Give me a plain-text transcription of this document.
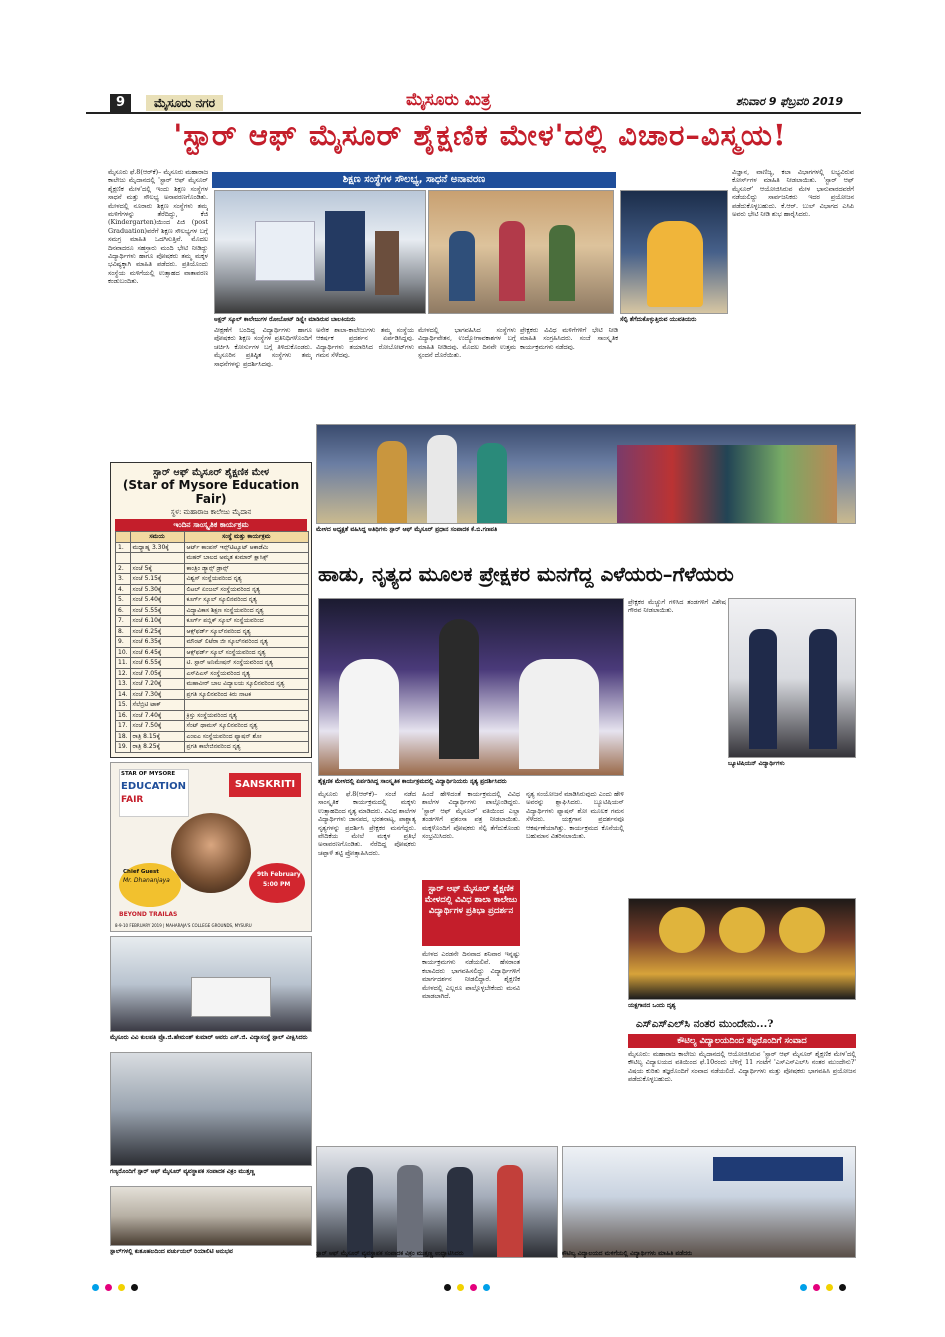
9	ಮೈಸೂರು ನಗರ	ಮೈಸೂರು ಮಿತ್ರ	ಶನಿವಾರ 9 ಫೆಬ್ರವರಿ 2019
'ಸ್ಟಾರ್ ಆಫ್ ಮೈಸೂರ್ ಶೈಕ್ಷಣಿಕ ಮೇಳ'ದಲ್ಲಿ ವಿಚಾರ–ವಿಸ್ಮಯ!
ಮೈಸೂರು ಫೆ.8(ಆರ್‌ಕೆ)– ಮೈಸೂರು ಮಹಾರಾಜ ಕಾಲೇಜು ಮೈದಾನದಲ್ಲಿ 'ಸ್ಟಾರ್ ಆಫ್ ಮೈಸೂರ್ ಶೈಕ್ಷಣಿಕ ಮೇಳ'ದಲ್ಲಿ ಇಂದು ಶಿಕ್ಷಣ ಸಂಸ್ಥೆಗಳ ಸಾಧನೆ ಮತ್ತು ಸೌಲಭ್ಯ ಅನಾವರಣಗೊಂಡಿತು. ಮೇಳದಲ್ಲಿ ನೂರಾರು ಶಿಕ್ಷಣ ಸಂಸ್ಥೆಗಳು ತಮ್ಮ ಮಳಿಗೆಗಳನ್ನು ತೆರೆದಿದ್ದು, ಕೆಜಿ (Kindergarten)ಯಿಂದ ಪಿಜಿ (post Graduation)ವರೆಗೆ ಶಿಕ್ಷಣ ಸೌಲಭ್ಯಗಳ ಬಗ್ಗೆ ಸಮಗ್ರ ಮಾಹಿತಿ ಒದಗಿಸುತ್ತಿವೆ. ಮೊದಲ ದಿನವಾದರೂ ಸಹಸ್ರಾರು ಮಂದಿ ಭೇಟಿ ನೀಡಿದ್ದು ವಿದ್ಯಾರ್ಥಿಗಳು ಹಾಗೂ ಪೋಷಕರು ತಮ್ಮ ಮಕ್ಕಳ ಭವಿಷ್ಯಕ್ಕಾಗಿ ಮಾಹಿತಿ ಪಡೆದರು. ಪ್ರತಿಯೊಂದು ಸಂಸ್ಥೆಯ ಮಳಿಗೆಯಲ್ಲಿ ಉತ್ಸಾಹದ ವಾತಾವರಣ ಕಂಡುಬಂದಿತು.
ಶಿಕ್ಷಣ ಸಂಸ್ಥೆಗಳ ಸೌಲಭ್ಯ, ಸಾಧನೆ ಅನಾವರಣ
ಅಕ್ಷರ್ ಸ್ಕೂಲ್ ಕಾಲೇಜುಗಳ ರೋಬೋಟ್ ಡಿಸ್ಪ್ಲೇ ಮಾಡಿರುವ ಬಾಲಕಿಯರು	ಸೆಲ್ಫಿ ತೆಗೆದುಕೊಳ್ಳುತ್ತಿರುವ ಯುವತಿಯರು
ವೀಕ್ಷಣೆಗೆ ಬಂದಿದ್ದ ವಿದ್ಯಾರ್ಥಿಗಳು ಹಾಗೂ ಪೋಷಕರು ಶಿಕ್ಷಣ ಸಂಸ್ಥೆಗಳ ಪ್ರತಿನಿಧಿಗಳೊಂದಿಗೆ ಚರ್ಚಿಸಿ ಕೋರ್ಸುಗಳ ಬಗ್ಗೆ ತಿಳಿದುಕೊಂಡರು. ಮೈಸೂರಿನ ಪ್ರತಿಷ್ಠಿತ ಸಂಸ್ಥೆಗಳು ತಮ್ಮ ಸಾಧನೆಗಳನ್ನು ಪ್ರದರ್ಶಿಸಿದವು.
ಅನೇಕ ಶಾಲಾ-ಕಾಲೇಜುಗಳು ತಮ್ಮ ಸಂಸ್ಥೆಯ ಆಕರ್ಷಕ ಪ್ರದರ್ಶನ ಏರ್ಪಡಿಸಿದ್ದವು. ವಿದ್ಯಾರ್ಥಿಗಳು ತಯಾರಿಸಿದ ರೋಬೋಟ್‌ಗಳು ಗಮನ ಸೆಳೆದವು.
ಮೇಳದಲ್ಲಿ ಭಾಗವಹಿಸಿದ ಸಂಸ್ಥೆಗಳು ವಿದ್ಯಾರ್ಥಿವೇತನ, ಉದ್ಯೋಗಾವಕಾಶಗಳ ಬಗ್ಗೆ ಮಾಹಿತಿ ನೀಡಿದವು. ಮೊದಲ ದಿನವೇ ಉತ್ತಮ ಸ್ಪಂದನೆ ದೊರೆಯಿತು.
ಪ್ರೇಕ್ಷಕರು ವಿವಿಧ ಮಳಿಗೆಗಳಿಗೆ ಭೇಟಿ ನೀಡಿ ಮಾಹಿತಿ ಸಂಗ್ರಹಿಸಿದರು. ಸಂಜೆ ಸಾಂಸ್ಕೃತಿಕ ಕಾರ್ಯಕ್ರಮಗಳು ನಡೆದವು.
ವಿಜ್ಞಾನ, ವಾಣಿಜ್ಯ, ಕಲಾ ವಿಭಾಗಗಳಲ್ಲಿ ಲಭ್ಯವಿರುವ ಕೋರ್ಸ್‌ಗಳ ಮಾಹಿತಿ ನೀಡಲಾಯಿತು. 'ಸ್ಟಾರ್ ಆಫ್ ಮೈಸೂರ್' ಆಯೋಜಿಸಿರುವ ಮೇಳ ಭಾನುವಾರದವರೆಗೆ ನಡೆಯಲಿದ್ದು ಸಾರ್ವಜನಿಕರು ಇದರ ಪ್ರಯೋಜನ ಪಡೆದುಕೊಳ್ಳಬಹುದು. ಕೆ.ಆರ್. ಬುಲ್ ವಿಭಾಗದ ಎಸಿಪಿ ಅವರು ಭೇಟಿ ನೀಡಿ ಶುಭ ಹಾರೈಸಿದರು.
ಸ್ಟಾರ್ ಆಫ್ ಮೈಸೂರ್ ಶೈಕ್ಷಣಿಕ ಮೇಳ
(Star of Mysore Education Fair)
ಸ್ಥಳ: ಮಹಾರಾಜ ಕಾಲೇಜು ಮೈದಾನ
ಇಂದಿನ ಸಾಂಸ್ಕೃತಿಕ ಕಾರ್ಯಕ್ರಮ
	ಸಮಯ	ಸಂಸ್ಥೆ ಮತ್ತು ಕಾರ್ಯಕ್ರಮ
1.	ಮಧ್ಯಾಹ್ನ 3.30ಕ್ಕೆ	ಆರ್ಟ್ ಕಾಂಪಸ್ ಇನ್ಸ್‌ಟಿಟ್ಯೂಟ್ ಆಕಾಡೆಮಿ
		ಮಹರ್ ಬಾಲದ ಅಮೃತ ಕುಮಾರ್ ಕ್ಲಾಸಿಕ್ಸ್
2.	ಸಂಜೆ 5ಕ್ಕೆ	ಕಾಂತ್ರಿಂ ಡ್ಯಾನ್ಸ್ ಡ್ರಾನ್ಸ್
3.	ಸಂಜೆ 5.15ಕ್ಕೆ	ವಿಶ್ವಸ್ ಸಂಸ್ಥೆಯವರಿಂದ ನೃತ್ಯ
4.	ಸಂಜೆ 5.30ಕ್ಕೆ	ಲಿಟಲ್ ಏಂಜಲ್ ಸಂಸ್ಥೆಯವರಿಂದ ನೃತ್ಯ
5.	ಸಂಜೆ 5.40ಕ್ಕೆ	ಕೂರ್ಗ್ ಸ್ಕೂಲ್ ಸ್ಕೂಲಿನವರಿಂದ ನೃತ್ಯ
6.	ಸಂಜೆ 5.55ಕ್ಕೆ	ವಿದ್ಯಾವಿಕಾಸ ಶಿಕ್ಷಣ ಸಂಸ್ಥೆಯವರಿಂದ ನೃತ್ಯ
7.	ಸಂಜೆ 6.10ಕ್ಕೆ	ಕೂರ್ಗ್ ಪಬ್ಲಿಕ್ ಸ್ಕೂಲ್ ಸಂಸ್ಥೆಯವರಿಂದ
8.	ಸಂಜೆ 6.25ಕ್ಕೆ	ಆಕ್ಸ್‌ಫರ್ಡ್ ಸ್ಕೂಲ್‌ನವರಿಂದ ನೃತ್ಯ
9.	ಸಂಜೆ 6.35ಕ್ಕೆ	ಮೌಂಟ್ ಲಿಟೆರಾ ಜೀ ಸ್ಕೂಲ್‌ನವರಿಂದ ನೃತ್ಯ
10.	ಸಂಜೆ 6.45ಕ್ಕೆ	ಆಕ್ಸ್‌ಫರ್ಡ್ ಸ್ಕೂಲ್ ಸಂಸ್ಥೆಯವರಿಂದ ನೃತ್ಯ
11.	ಸಂಜೆ 6.55ಕ್ಕೆ	ಟಿ. ಸ್ಟಾರ್ ಅನಿಮೇಷನ್ ಸಂಸ್ಥೆಯವರಿಂದ ನೃತ್ಯ
12.	ಸಂಜೆ 7.05ಕ್ಕೆ	ಎಸ್‌ಪಿಎಸ್ ಸಂಸ್ಥೆಯವರಿಂದ ನೃತ್ಯ
13.	ಸಂಜೆ 7.20ಕ್ಕೆ	ಮಹಾವೀರ್ ಬಾಲ ವಿದ್ಯಾಲಯ ಸ್ಕೂಲಿನವರಿಂದ ನೃತ್ಯ
14.	ಸಂಜೆ 7.30ಕ್ಕೆ	ಪ್ರಗತಿ ಸ್ಕೂಲಿನವರಿಂದ ಕಿರು ನಾಟಕ
15.	ಸೆಲೆಬ್ರಿಟಿ ಟಾಕ್	
16.	ಸಂಜೆ 7.40ಕ್ಕೆ	ಕ್ರಿಸ್ತು ಸಂಸ್ಥೆಯವರಿಂದ ನೃತ್ಯ
17.	ಸಂಜೆ 7.50ಕ್ಕೆ	ಸೆಂಟ್ ಥಾಮಸ್ ಸ್ಕೂಲಿನವರಿಂದ ನೃತ್ಯ
18.	ರಾತ್ರಿ 8.15ಕ್ಕೆ	ಎಂಐಎ ಸಂಸ್ಥೆಯವರಿಂದ ಫ್ಯಾಷನ್ ಶೋ
19.	ರಾತ್ರಿ 8.25ಕ್ಕೆ	ಪ್ರಗತಿ ಕಾಲೇಜಿನವರಿಂದ ನೃತ್ಯ
STAR OF MYSORE
EDUCATION
FAIR
SANSKRITI
Chief Guest
Mr. Dhananjaya
9th February
5:00 PM
BEYOND TRAILAS
8-9-10 FEBRUARY 2019 | MAHARAJA'S COLLEGE GROUNDS, MYSURU
ಮೈಸೂರು ವಿವಿ ಕುಲಪತಿ ಪ್ರೊ.ಜಿ.ಹೇಮಂತ್ ಕುಮಾರ್ ಅವರು ಎಸ್.ಜಿ. ವಿದ್ಯಾಸಂಸ್ಥೆ ಸ್ಟಾಲ್ ವೀಕ್ಷಿಸಿದರು
ಗಣ್ಯರೊಂದಿಗೆ ಸ್ಟಾರ್ ಆಫ್ ಮೈಸೂರ್ ವ್ಯವಸ್ಥಾಪಕ ಸಂಪಾದಕ ವಿಕ್ರಂ ಮುತ್ತಣ್ಣ
ಸ್ಟಾಲ್‌ಗಳಲ್ಲಿ ಕುತೂಹಲದಿಂದ ವರ್ಚುಯಲ್ ರಿಯಾಲಿಟಿ ಅನುಭವ
ಮೇಳದ ಅಧ್ಯಕ್ಷತೆ ವಹಿಸಿದ್ದ ಅತಿಥಿಗಳು ಸ್ಟಾರ್ ಆಫ್ ಮೈಸೂರ್ ಪ್ರಧಾನ ಸಂಪಾದಕ ಕೆ.ಬಿ.ಗಣಪತಿ
ಹಾಡು, ನೃತ್ಯದ ಮೂಲಕ ಪ್ರೇಕ್ಷಕರ ಮನಗೆದ್ದ ಎಳೆಯರು–ಗೆಳೆಯರು
ಶೈಕ್ಷಣಿಕ ಮೇಳದಲ್ಲಿ ಏರ್ಪಡಿಸಿದ್ದ ಸಾಂಸ್ಕೃತಿಕ ಕಾರ್ಯಕ್ರಮದಲ್ಲಿ ವಿದ್ಯಾರ್ಥಿನಿಯರು ನೃತ್ಯ ಪ್ರದರ್ಶಿಸಿದರು
ಮೈಸೂರು ಫೆ.8(ಆರ್‌ಕೆ)– ಸಂಜೆ ನಡೆದ ಸಾಂಸ್ಕೃತಿಕ ಕಾರ್ಯಕ್ರಮದಲ್ಲಿ ಮಕ್ಕಳು ಉತ್ಸಾಹದಿಂದ ನೃತ್ಯ ಮಾಡಿದರು. ವಿವಿಧ ಶಾಲೆಗಳ ವಿದ್ಯಾರ್ಥಿಗಳು ಜಾನಪದ, ಭರತನಾಟ್ಯ, ಪಾಶ್ಚಾತ್ಯ ನೃತ್ಯಗಳನ್ನು ಪ್ರದರ್ಶಿಸಿ ಪ್ರೇಕ್ಷಕರ ಮನಗೆದ್ದರು. ವೇದಿಕೆಯ ಮೇಲೆ ಮಕ್ಕಳ ಪ್ರತಿಭೆ ಅನಾವರಣಗೊಂಡಿತು. ನೆರೆದಿದ್ದ ಪೋಷಕರು ಚಪ್ಪಾಳೆ ತಟ್ಟಿ ಪ್ರೋತ್ಸಾಹಿಸಿದರು.
ಹಿಂದೆ ಹೇಳಿದಂತೆ ಕಾರ್ಯಕ್ರಮದಲ್ಲಿ ವಿವಿಧ ಶಾಲೆಗಳ ವಿದ್ಯಾರ್ಥಿಗಳು ಪಾಲ್ಗೊಂಡಿದ್ದರು. 'ಸ್ಟಾರ್ ಆಫ್ ಮೈಸೂರ್' ವತಿಯಿಂದ ಎಲ್ಲಾ ತಂಡಗಳಿಗೆ ಪ್ರಶಂಸಾ ಪತ್ರ ನೀಡಲಾಯಿತು. ಮಕ್ಕಳೊಂದಿಗೆ ಪೋಷಕರು ಸೆಲ್ಫಿ ತೆಗೆದುಕೊಂಡು ಸಂಭ್ರಮಿಸಿದರು.
ಸ್ಟಾರ್ ಆಫ್ ಮೈಸೂರ್ ಶೈಕ್ಷಣಿಕ ಮೇಳದಲ್ಲಿ ವಿವಿಧ ಶಾಲಾ ಕಾಲೇಜು ವಿದ್ಯಾರ್ಥಿಗಳ ಪ್ರತಿಭಾ ಪ್ರದರ್ಶನ
ಮೇಳದ ಎರಡನೇ ದಿನವಾದ ಶನಿವಾರ ಇನ್ನಷ್ಟು ಕಾರ್ಯಕ್ರಮಗಳು ನಡೆಯಲಿವೆ. ಹೆಸರಾಂತ ಕಲಾವಿದರು ಭಾಗವಹಿಸಲಿದ್ದು ವಿದ್ಯಾರ್ಥಿಗಳಿಗೆ ಮಾರ್ಗದರ್ಶನ ನೀಡಲಿದ್ದಾರೆ. ಶೈಕ್ಷಣಿಕ ಮೇಳದಲ್ಲಿ ಎಲ್ಲರೂ ಪಾಲ್ಗೊಳ್ಳಬೇಕೆಂದು ಮನವಿ ಮಾಡಲಾಗಿದೆ.
ನೃತ್ಯ ಸಂಯೋಜನೆ ಮಾಡಿಸಿರುವುದು ಎಂದು ಹೇಳಿ ಅವರನ್ನು ಶ್ಲಾಘಿಸಿದರು. ಬ್ಯೂಟಿಷಿಯನ್ ವಿದ್ಯಾರ್ಥಿಗಳು ಫ್ಯಾಷನ್ ಶೋ ಮೂಲಕ ಗಮನ ಸೆಳೆದರು. ಯಕ್ಷಗಾನ ಪ್ರದರ್ಶನವೂ ಆಕರ್ಷಣೆಯಾಗಿತ್ತು. ಕಾರ್ಯಕ್ರಮದ ಕೊನೆಯಲ್ಲಿ ಬಹುಮಾನ ವಿತರಿಸಲಾಯಿತು.
ಪ್ರೇಕ್ಷಕರ ಮೆಚ್ಚುಗೆ ಗಳಿಸಿದ ತಂಡಗಳಿಗೆ ವಿಶೇಷ ಗೌರವ ನೀಡಲಾಯಿತು.
ಬ್ಯೂಟಿಷಿಯನ್ ವಿದ್ಯಾರ್ಥಿಗಳು
ಯಕ್ಷಗಾನದ ಒಂದು ದೃಶ್ಯ
ಎಸ್‌ಎಸ್‌ಎಲ್‌ಸಿ ನಂತರ ಮುಂದೇನು...?
ಕೌಟಿಲ್ಯ ವಿದ್ಯಾಲಯದಿಂದ ತಜ್ಞರೊಂದಿಗೆ ಸಂವಾದ
ಮೈಸೂರು: ಮಹಾರಾಜ ಕಾಲೇಜು ಮೈದಾನದಲ್ಲಿ ಆಯೋಜಿಸಿರುವ 'ಸ್ಟಾರ್ ಆಫ್ ಮೈಸೂರ್ ಶೈಕ್ಷಣಿಕ ಮೇಳ'ದಲ್ಲಿ ಕೌಟಿಲ್ಯ ವಿದ್ಯಾಲಯದ ವತಿಯಿಂದ ಫೆ.10ರಂದು ಬೆಳಿಗ್ಗೆ 11 ಗಂಟೆಗೆ 'ಎಸ್‌ಎಸ್‌ಎಲ್‌ಸಿ ನಂತರ ಮುಂದೇನು?' ವಿಷಯ ಕುರಿತು ತಜ್ಞರೊಂದಿಗೆ ಸಂವಾದ ನಡೆಯಲಿದೆ. ವಿದ್ಯಾರ್ಥಿಗಳು ಮತ್ತು ಪೋಷಕರು ಭಾಗವಹಿಸಿ ಪ್ರಯೋಜನ ಪಡೆದುಕೊಳ್ಳಬಹುದು.
ಸ್ಟಾರ್ ಆಫ್ ಮೈಸೂರ್ ವ್ಯವಸ್ಥಾಪಕ ಸಂಪಾದಕ ವಿಕ್ರಂ ಮುತ್ತಣ್ಣ ಉದ್ಘಾಟಿಸಿದರು	ಕೌಟಿಲ್ಯ ವಿದ್ಯಾಲಯದ ಮಳಿಗೆಯಲ್ಲಿ ವಿದ್ಯಾರ್ಥಿಗಳು ಮಾಹಿತಿ ಪಡೆದರು
